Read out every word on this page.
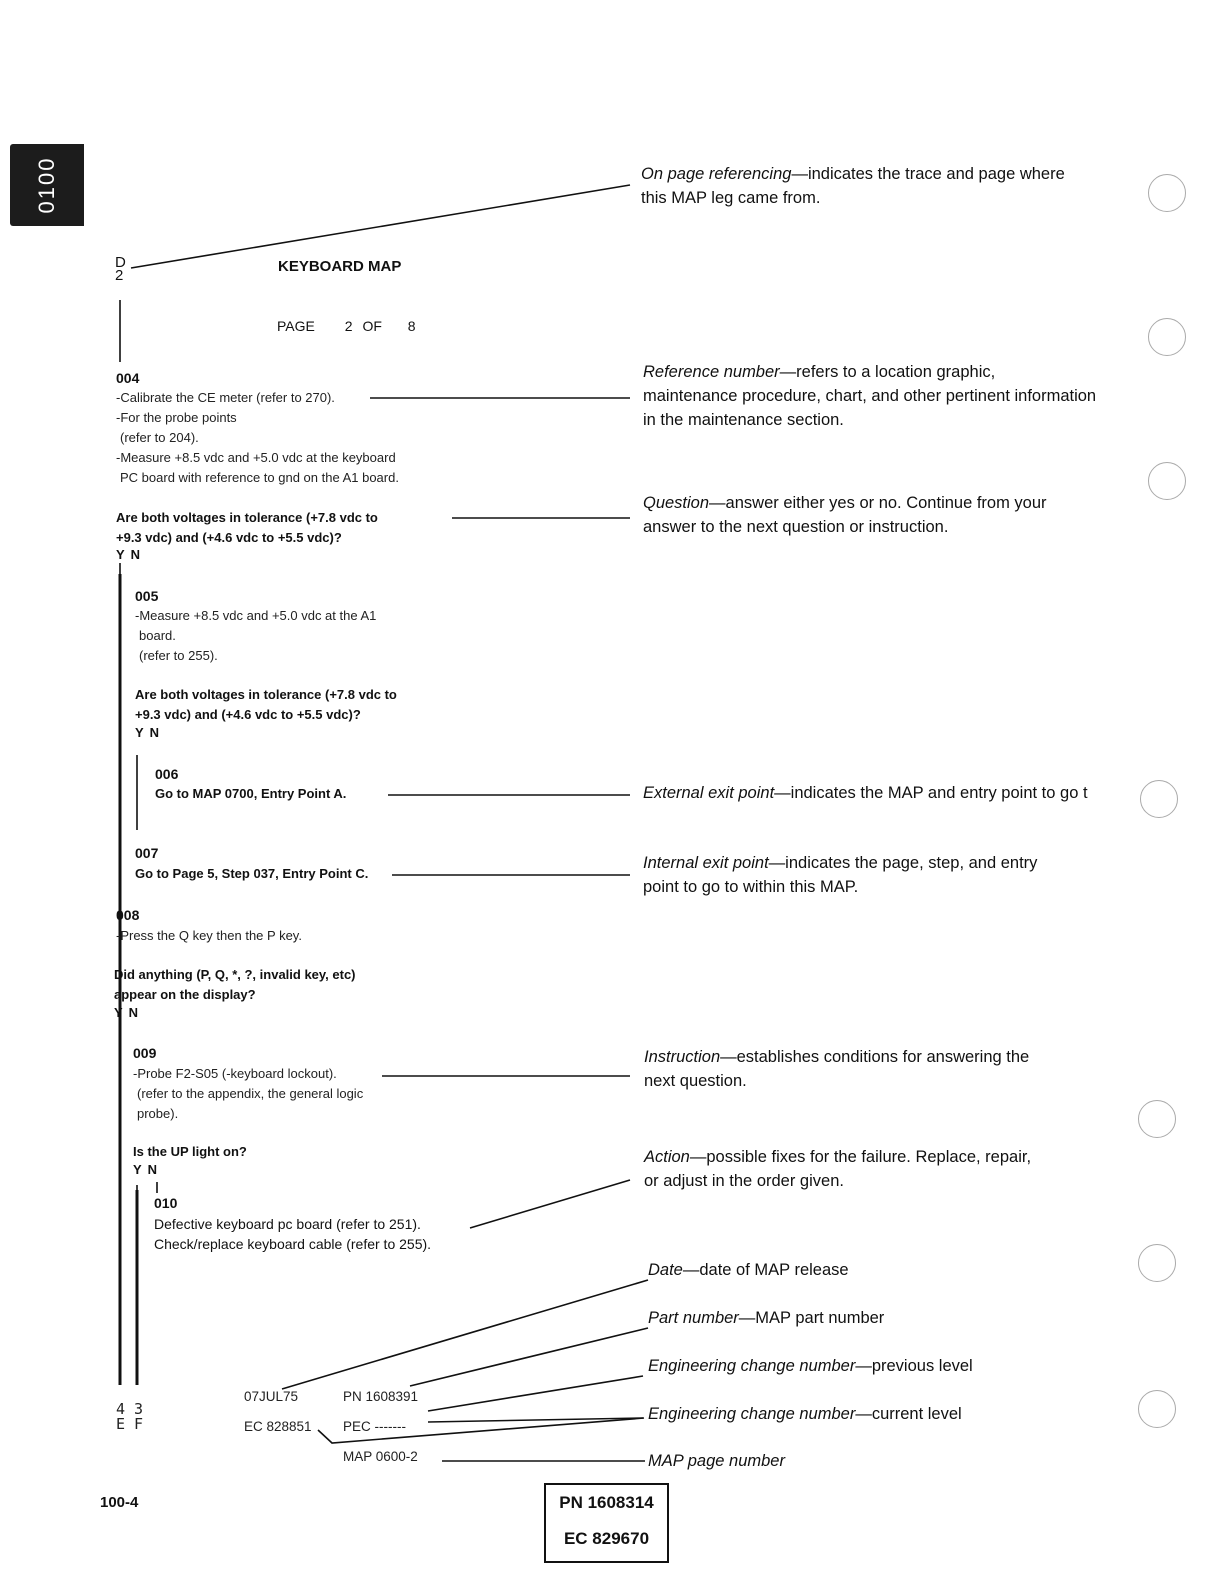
0100
D
2
KEYBOARD MAP
PAGE 2 OF 8
004
-Calibrate the CE meter (refer to 270).
-For the probe points
(refer to 204).
-Measure +8.5 vdc and +5.0 vdc at the keyboard
PC board with reference to gnd on the A1 board.
Are both voltages in tolerance (+7.8 vdc to
+9.3 vdc) and (+4.6 vdc to +5.5 vdc)?
YN
005
-Measure +8.5 vdc and +5.0 vdc at the A1
board.
(refer to 255).
Are both voltages in tolerance (+7.8 vdc to
+9.3 vdc) and (+4.6 vdc to +5.5 vdc)?
YN
006
Go to MAP 0700, Entry Point A.
007
Go to Page 5, Step 037, Entry Point C.
008
-Press the Q key then the P key.
Did anything (P, Q, *, ?, invalid key, etc)
appear on the display?
YN
009
-Probe F2-S05 (-keyboard lockout).
(refer to the appendix, the general logic
probe).
Is the UP light on?
YN
010
Defective keyboard pc board (refer to 251).
Check/replace keyboard cable (refer to 255).
4
E
3
F
07JUL75	PN 1608391
EC 828851 PEC -------
MAP 0600-2
On page referencing—indicates the trace and page where
this MAP leg came from.
Reference number—refers to a location graphic,
maintenance procedure, chart, and other pertinent information
in the maintenance section.
Question—answer either yes or no. Continue from your
answer to the next question or instruction.
External exit point—indicates the MAP and entry point to go t
Internal exit point—indicates the page, step, and entry
point to go to within this MAP.
Instruction—establishes conditions for answering the
next question.
Action—possible fixes for the failure. Replace, repair,
or adjust in the order given.
Date—date of MAP release
Part number—MAP part number
Engineering change number—previous level
Engineering change number—current level
MAP page number
100-4	PN 1608314
EC 829670
